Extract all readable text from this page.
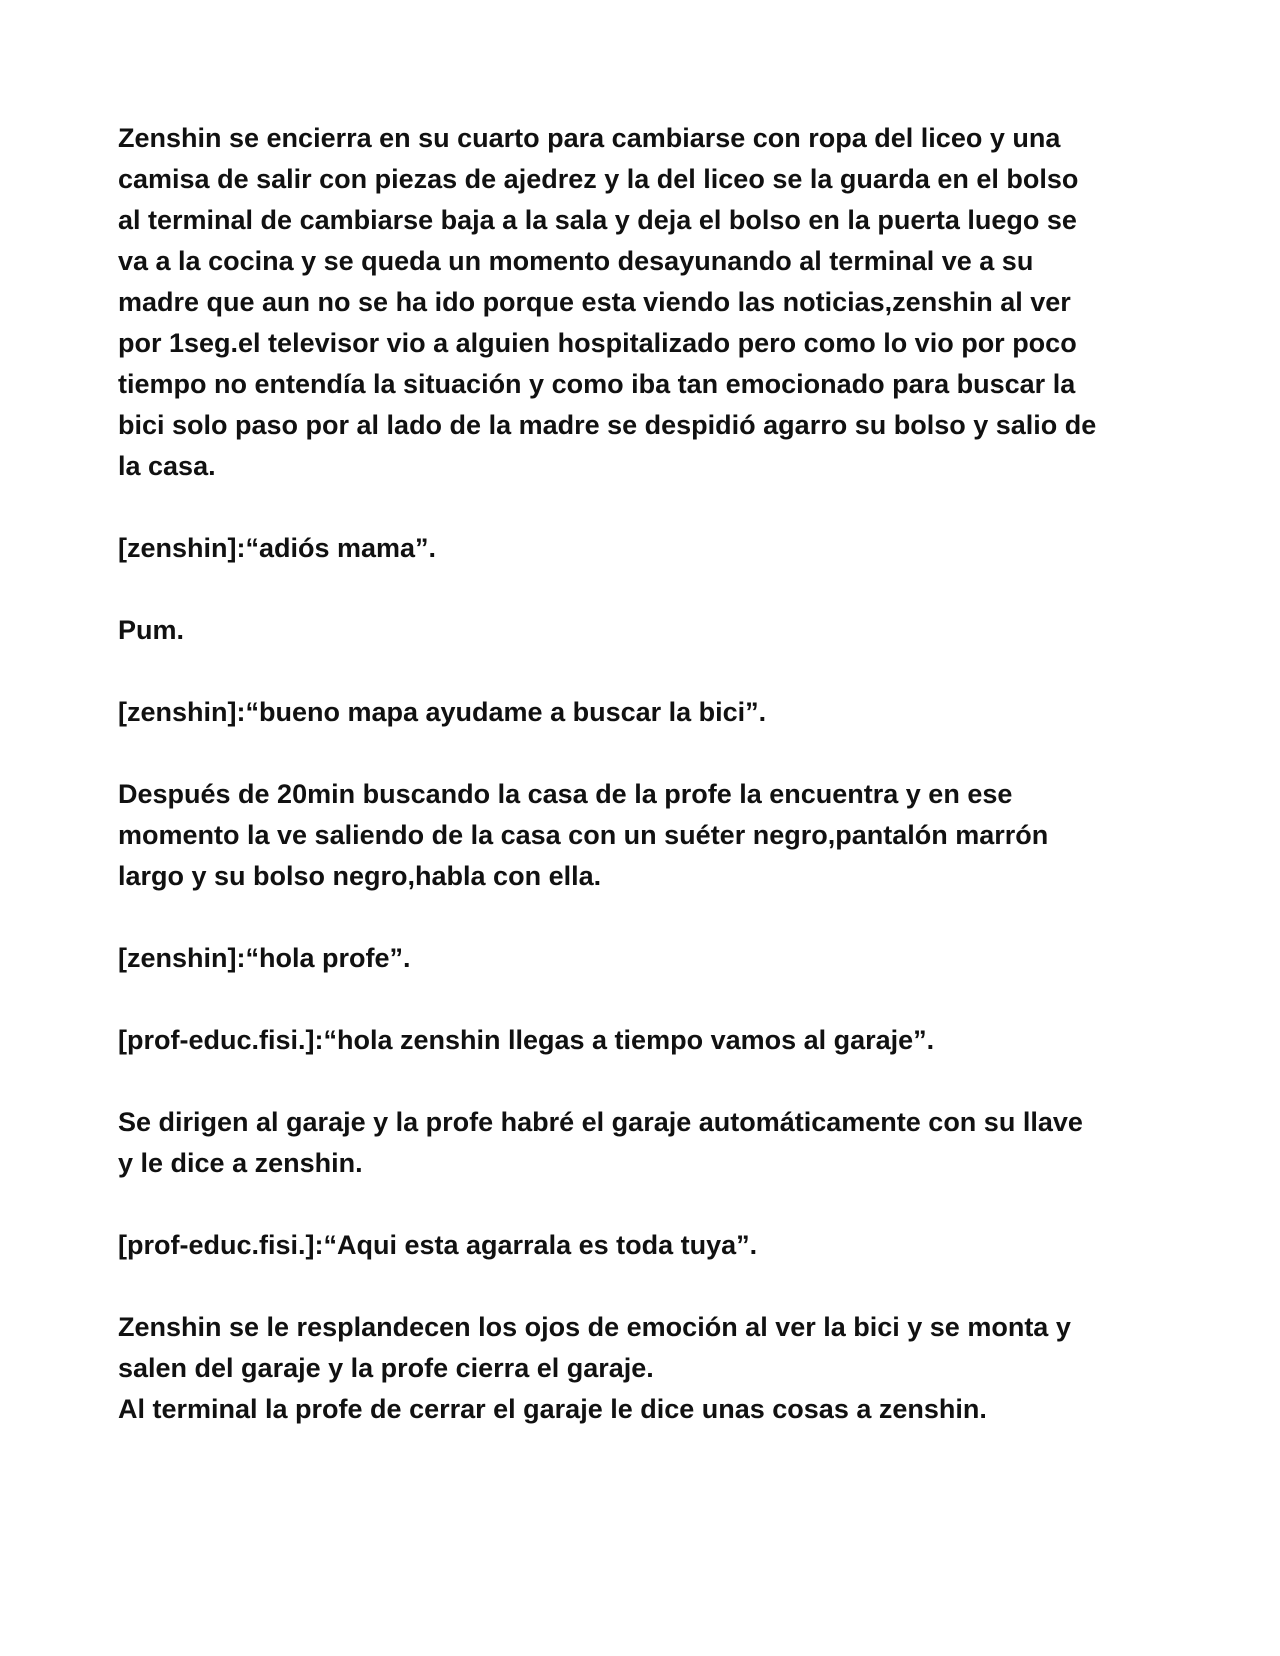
Zenshin se encierra en su cuarto para cambiarse con ropa del liceo y una
camisa de salir con piezas de ajedrez y la del liceo se la guarda en el bolso
al terminal de cambiarse baja a la sala y deja el bolso en la puerta luego se
va a la cocina y se queda un momento desayunando al terminal ve a su
madre que aun no se ha ido porque esta viendo las noticias,zenshin al ver
por 1seg.el televisor vio a alguien hospitalizado pero como lo vio por poco
tiempo no entendía la situación y como iba tan emocionado para buscar la
bici solo paso por al lado de la madre se despidió agarro su bolso y salio de
la casa.

[zenshin]:“adiós mama”.

Pum.

[zenshin]:“bueno mapa ayudame a buscar la bici”.

Después de 20min buscando la casa de la profe la encuentra y en ese
momento la ve saliendo de la casa con un suéter negro,pantalón marrón
largo y su bolso negro,habla con ella.

[zenshin]:“hola profe”.

[prof-educ.fisi.]:“hola zenshin llegas a tiempo vamos al garaje”.

Se dirigen al garaje y la profe habré el garaje automáticamente con su llave
y le dice a zenshin.

[prof-educ.fisi.]:“Aqui esta agarrala es toda tuya”.

Zenshin se le resplandecen los ojos de emoción al ver la bici y se monta y
salen del garaje y la profe cierra el garaje.
Al terminal la profe de cerrar el garaje le dice unas cosas a zenshin.
